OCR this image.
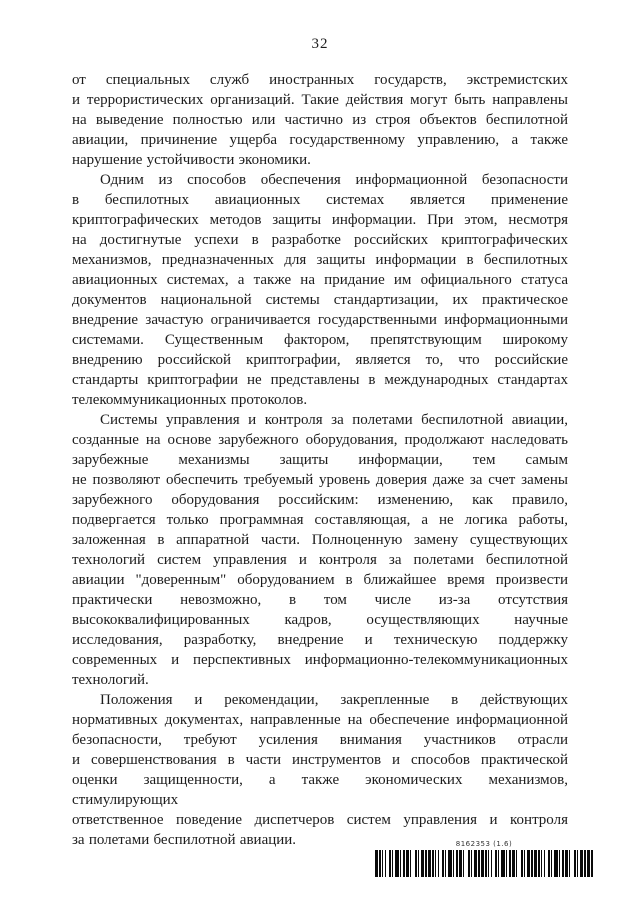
32
от специальных служб иностранных государств, экстремистских
и террористических организаций. Такие действия могут быть направлены
на выведение полностью или частично из строя объектов беспилотной
авиации, причинение ущерба государственному управлению, а также
нарушение устойчивости экономики.
Одним из способов обеспечения информационной безопасности
в беспилотных авиационных системах является применение
криптографических методов защиты информации. При этом, несмотря
на достигнутые успехи в разработке российских криптографических
механизмов, предназначенных для защиты информации в беспилотных
авиационных системах, а также на придание им официального статуса
документов национальной системы стандартизации, их практическое
внедрение зачастую ограничивается государственными информационными
системами. Существенным фактором, препятствующим широкому
внедрению российской криптографии, является то, что российские
стандарты криптографии не представлены в международных стандартах
телекоммуникационных протоколов.
Системы управления и контроля за полетами беспилотной авиации,
созданные на основе зарубежного оборудования, продолжают наследовать
зарубежные механизмы защиты информации, тем самым
не позволяют обеспечить требуемый уровень доверия даже за счет замены
зарубежного оборудования российским: изменению, как правило,
подвергается только программная составляющая, а не логика работы,
заложенная в аппаратной части. Полноценную замену существующих
технологий систем управления и контроля за полетами беспилотной
авиации "доверенным" оборудованием в ближайшее время произвести
практически невозможно, в том числе из-за отсутствия
высококвалифицированных кадров, осуществляющих научные
исследования, разработку, внедрение и техническую поддержку
современных и перспективных информационно-телекоммуникационных
технологий.
Положения и рекомендации, закрепленные в действующих
нормативных документах, направленные на обеспечение информационной
безопасности, требуют усиления внимания участников отрасли
и совершенствования в части инструментов и способов практической
оценки защищенности, а также экономических механизмов, стимулирующих
ответственное поведение диспетчеров систем управления и контроля
за полетами беспилотной авиации.	8162353 (1.6)
